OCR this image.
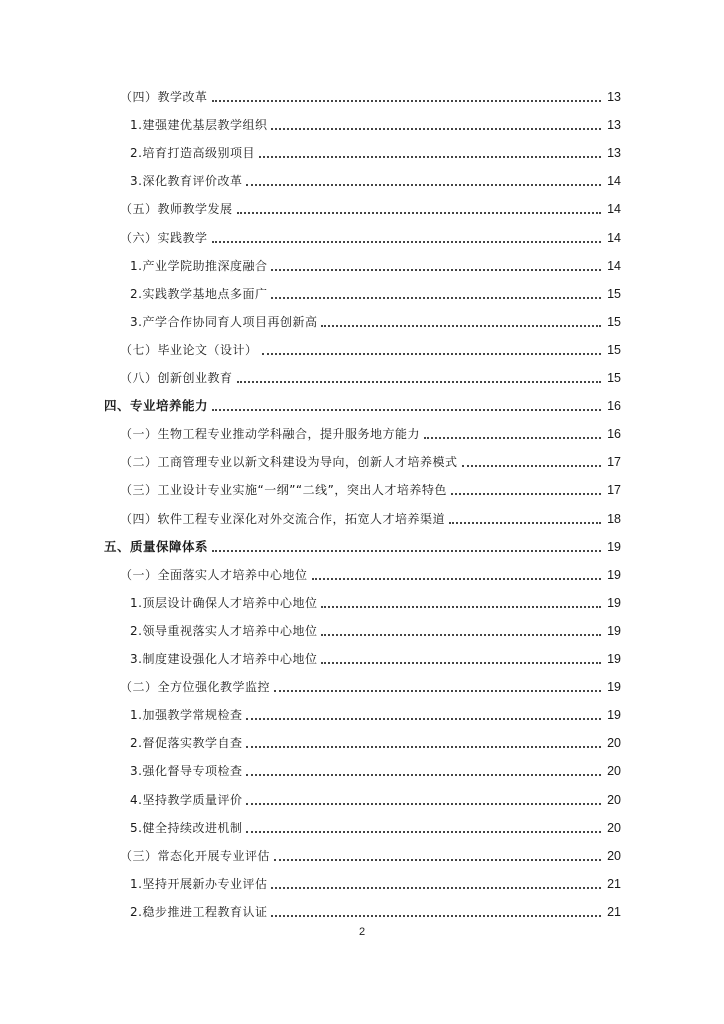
（四）教学改革	13
1.建强建优基层教学组织	13
2.培育打造高级别项目	13
3.深化教育评价改革	14
（五）教师教学发展	14
（六）实践教学	14
1.产业学院助推深度融合	14
2.实践教学基地点多面广	15
3.产学合作协同育人项目再创新高	15
（七）毕业论文（设计）	15
（八）创新创业教育	15
四、专业培养能力	16
（一）生物工程专业推动学科融合，提升服务地方能力	16
（二）工商管理专业以新文科建设为导向，创新人才培养模式	17
（三）工业设计专业实施“一纲”“二线”，突出人才培养特色	17
（四）软件工程专业深化对外交流合作，拓宽人才培养渠道	18
五、质量保障体系	19
（一）全面落实人才培养中心地位	19
1.顶层设计确保人才培养中心地位	19
2.领导重视落实人才培养中心地位	19
3.制度建设强化人才培养中心地位	19
（二）全方位强化教学监控	19
1.加强教学常规检查	19
2.督促落实教学自查	20
3.强化督导专项检查	20
4.坚持教学质量评价	20
5.健全持续改进机制	20
（三）常态化开展专业评估	20
1.坚持开展新办专业评估	21
2.稳步推进工程教育认证	21
2
